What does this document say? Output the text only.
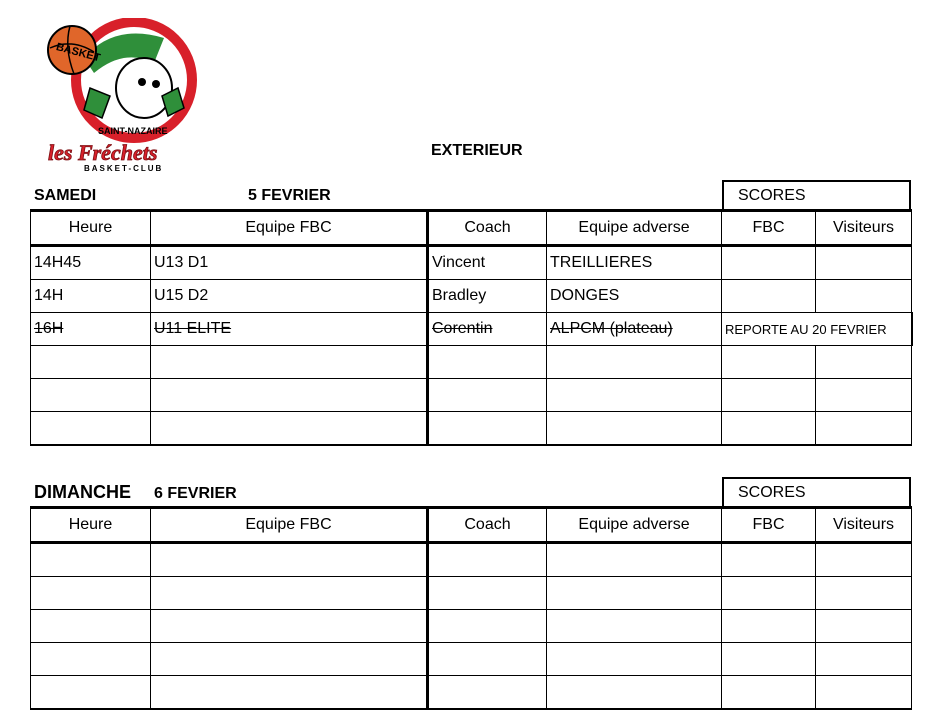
BASKET
SAINT-NAZAIRE
les Fréchets
BASKET-CLUB
EXTERIEUR
SAMEDI	5 FEVRIER	SCORES
Heure	Equipe FBC	Coach	Equipe adverse	FBC	Visiteurs
14H45	U13 D1	Vincent	TREILLIERES		
14H	U15 D2	Bradley	DONGES		
16H	U11 ELITE	Corentin	ALPCM (plateau)	REPORTE AU 20 FEVRIER	

DIMANCHE 6 FEVRIER	SCORES
Heure	Equipe FBC	Coach	Equipe adverse	FBC	Visiteurs
